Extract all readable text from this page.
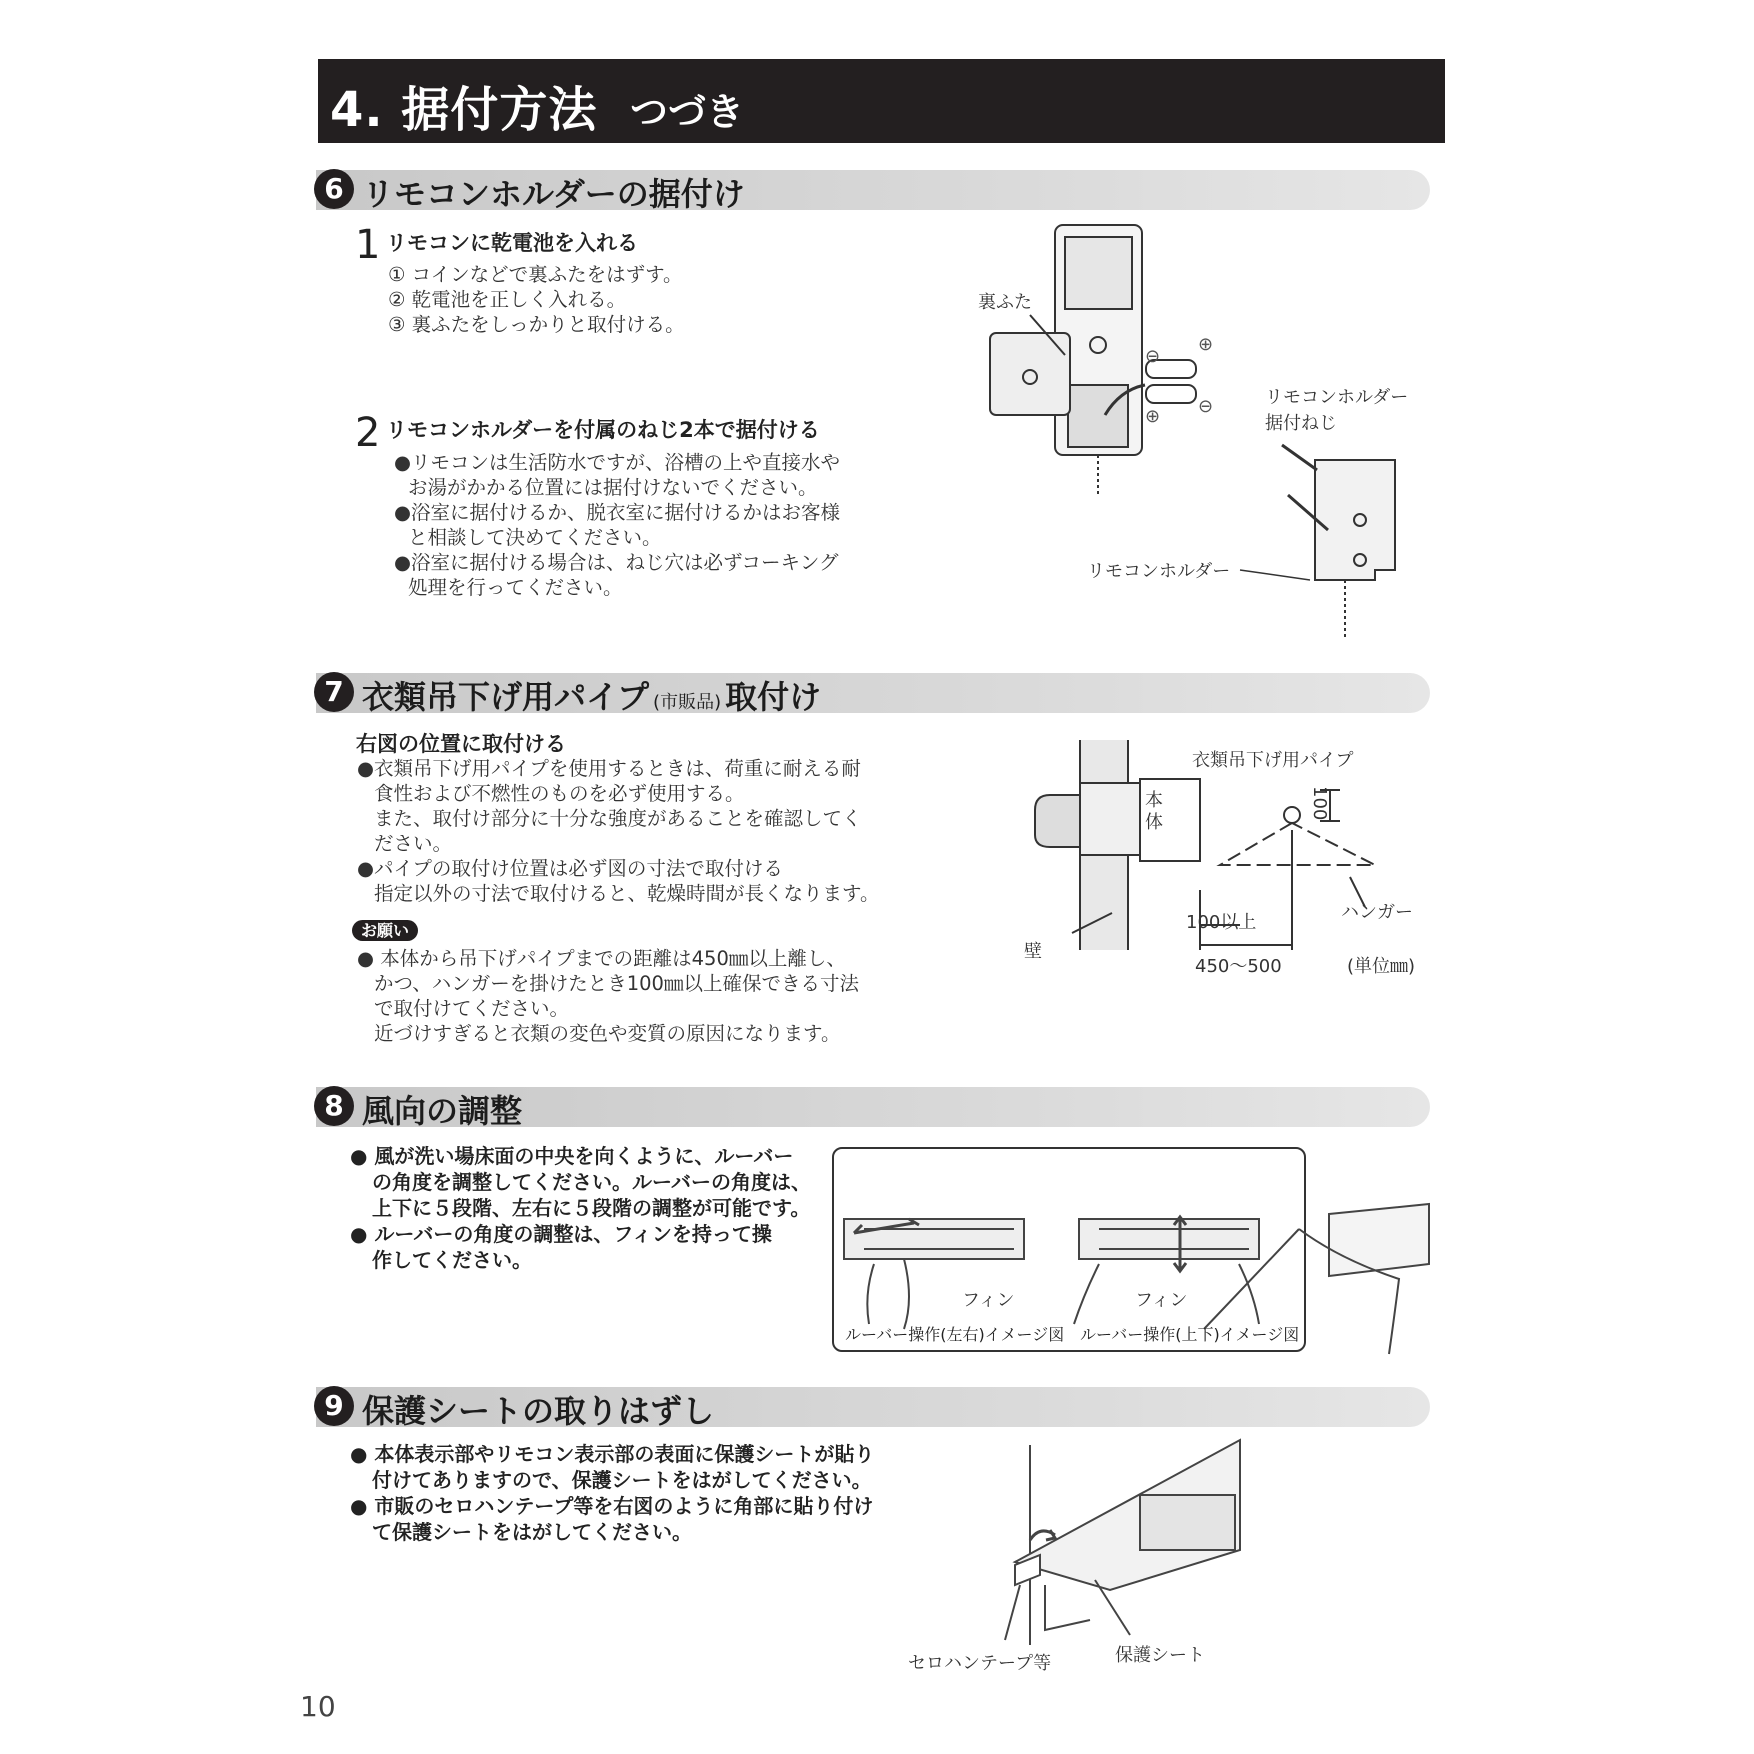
4. 据付方法 つづき
6 リモコンホルダーの据付け
1 リモコンに乾電池を入れる
① コインなどで裏ふたをはずす。
② 乾電池を正しく入れる。
③ 裏ふたをしっかりと取付ける。
2 リモコンホルダーを付属のねじ2本で据付ける
●リモコンは生活防水ですが、浴槽の上や直接水や
お湯がかかる位置には据付けないでください。
●浴室に据付けるか、脱衣室に据付けるかはお客様
と相談して決めてください。
●浴室に据付ける場合は、ねじ穴は必ずコーキング
処理を行ってください。
裏ふた
⊕
⊖
⊖
⊕
リモコンホルダー
据付ねじ
リモコンホルダー
7 衣類吊下げ用パイプ (市販品) 取付け
右図の位置に取付ける
●衣類吊下げ用パイプを使用するときは、荷重に耐える耐
食性および不燃性のものを必ず使用する。
また、取付け部分に十分な強度があることを確認してく
ださい。
●パイプの取付け位置は必ず図の寸法で取付ける
指定以外の寸法で取付けると、乾燥時間が長くなります。
お願い
● 本体から吊下げパイプまでの距離は450㎜以上離し、
かつ、ハンガーを掛けたとき100㎜以上確保できる寸法
で取付けてください。
近づけすぎると衣類の変色や変質の原因になります。
衣類吊下げ用パイプ
100
本体
ハンガー
100以上
壁
450〜500	(単位㎜)
8 風向の調整
● 風が洗い場床面の中央を向くように、ルーバー
の角度を調整してください。ルーバーの角度は、
上下に５段階、左右に５段階の調整が可能です。
● ルーバーの角度の調整は、フィンを持って操
作してください。
フィン	フィン
ルーバー操作(左右)イメージ図 ルーバー操作(上下)イメージ図
9 保護シートの取りはずし
● 本体表示部やリモコン表示部の表面に保護シートが貼り
付けてありますので、保護シートをはがしてください。
● 市販のセロハンテープ等を右図のように角部に貼り付け
て保護シートをはがしてください。
セロハンテープ等	保護シート
10
